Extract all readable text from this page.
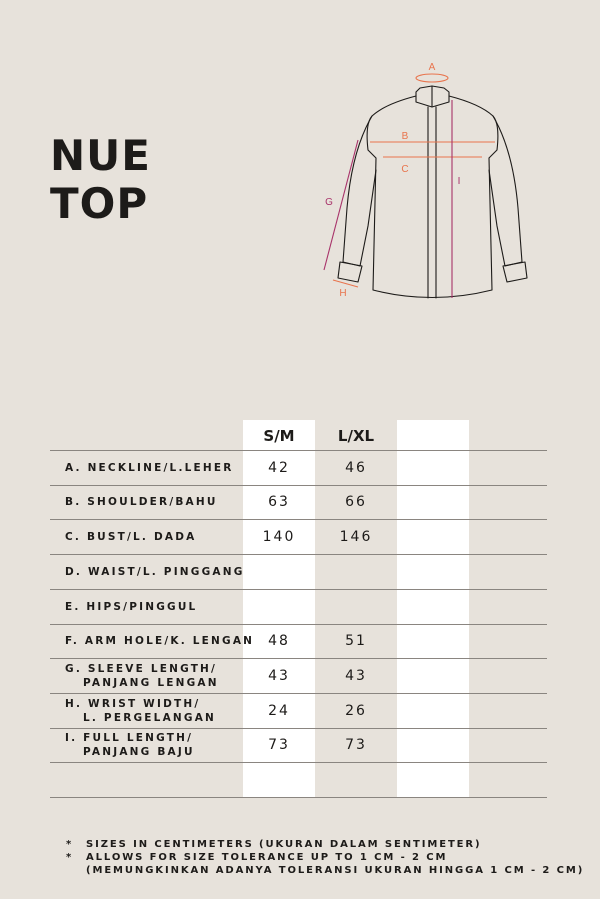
NUE
TOP
A
B
C
G
H
I
S/M	L/XL
A. NECKLINE/L.LEHER	42	46
B. SHOULDER/BAHU	63	66
C. BUST/L. DADA	140	146
D. WAIST/L. PINGGANG
E. HIPS/PINGGUL
F. ARM HOLE/K. LENGAN 48	51
G. SLEEVE LENGTH/
PANJANG LENGAN	43	43
H. WRIST WIDTH/
L. PERGELANGAN	24	26
I. FULL LENGTH/
PANJANG BAJU	73	73
*	SIZES IN CENTIMETERS (UKURAN DALAM SENTIMETER)
*	ALLOWS FOR SIZE TOLERANCE UP TO 1 CM - 2 CM
(MEMUNGKINKAN ADANYA TOLERANSI UKURAN HINGGA 1 CM - 2 CM)
